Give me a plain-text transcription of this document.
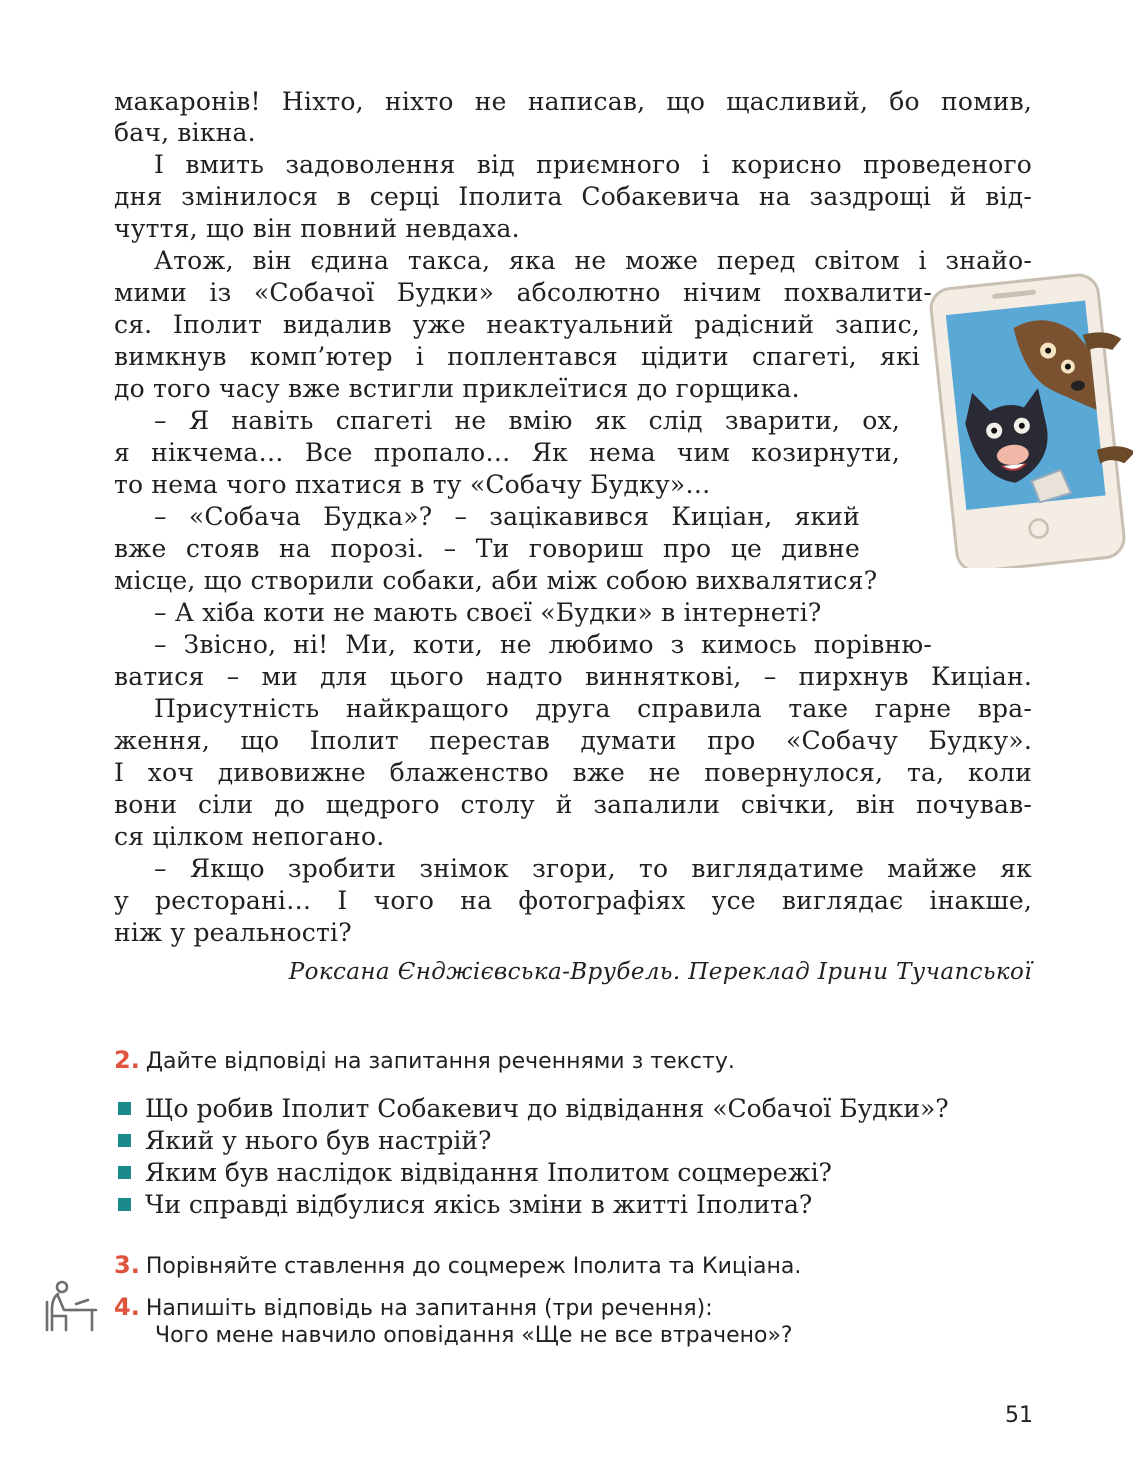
макаронів! Ніхто, ніхто не написав, що щасливий, бо помив,
бач, вікна.
І вмить задоволення від приємного і корисно проведеного
дня змінилося в серці Іполита Собакевича на заздрощі й від-
чуття, що він повний невдаха.
Атож, він єдина такса, яка не може перед світом і знайо-
мими із «Собачої Будки» абсолютно нічим похвалити-
ся. Іполит видалив уже неактуальний радісний запис,
вимкнув комп’ютер і поплентався цідити спагеті, які
до того часу вже встигли приклеїтися до горщика.
– Я навіть спагеті не вмію як слід зварити, ох,
я нікчема… Все пропало… Як нема чим козирнути,
то нема чого пхатися в ту «Собачу Будку»…
– «Собача Будка»? – зацікавився Киціан, який
вже стояв на порозі. – Ти говориш про це дивне
місце, що створили собаки, аби між собою вихвалятися?
– А хіба коти не мають своєї «Будки» в інтернеті?
– Звісно, ні! Ми, коти, не любимо з кимось порівню-
ватися – ми для цього надто винняткові, – пирхнув Киціан.
Присутність найкращого друга справила таке гарне вра-
ження, що Іполит перестав думати про «Собачу Будку».
І хоч дивовижне блаженство вже не повернулося, та, коли
вони сіли до щедрого столу й запалили свічки, він почував-
ся цілком непогано.
– Якщо зробити знімок згори, то виглядатиме майже як
у ресторані… І чого на фотографіях усе виглядає інакше,
ніж у реальності?
Роксана Єнджієвська-Врубель. Переклад Ірини Тучапської
2. Дайте відповіді на запитання реченнями з тексту.
Що робив Іполит Собакевич до відвідання «Собачої Будки»?
Який у нього був настрій?
Яким був наслідок відвідання Іполитом соцмережі?
Чи справді відбулися якісь зміни в житті Іполита?
3. Порівняйте ставлення до соцмереж Іполита та Киціана.
4. Напишіть відповідь на запитання (три речення):
Чого мене навчило оповідання «Ще не все втрачено»?
51
